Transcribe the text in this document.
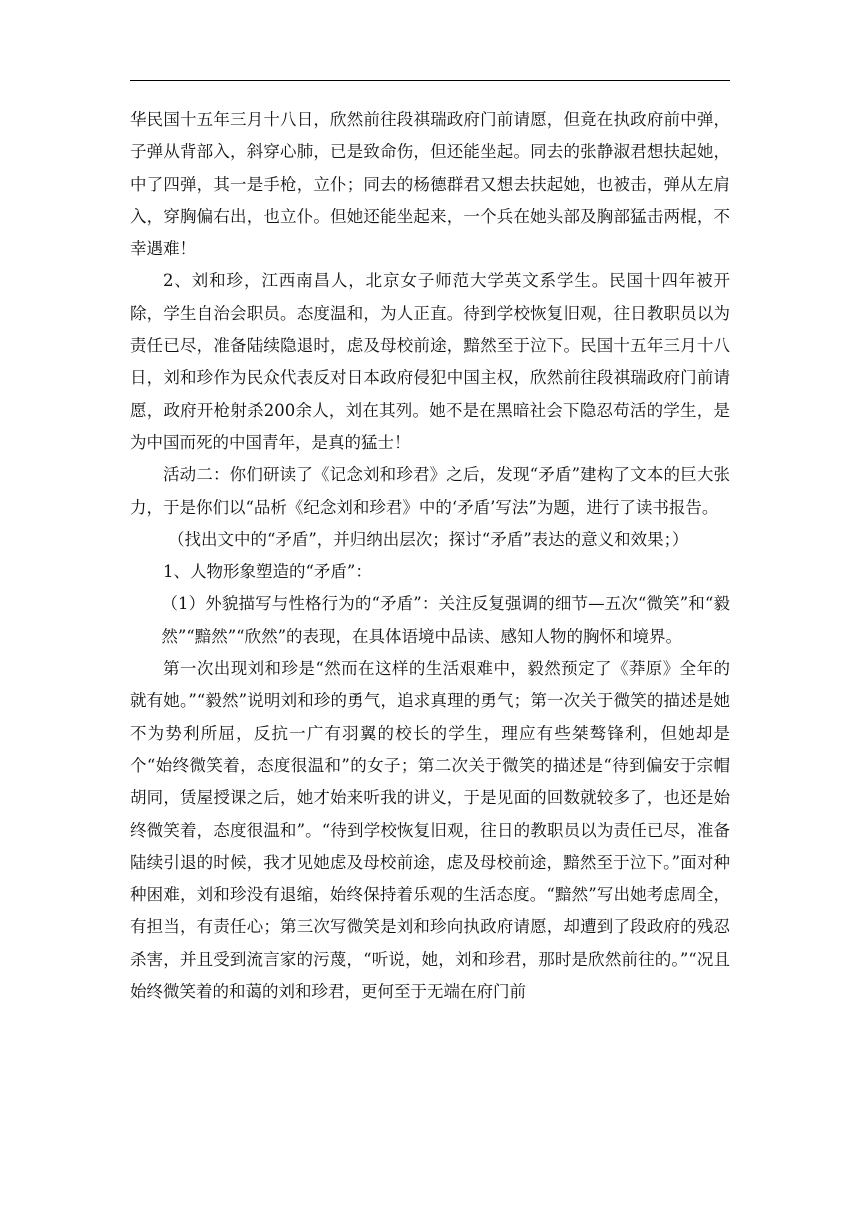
华民国十五年三月十八日，欣然前往段祺瑞政府门前请愿，但竟在执政府前中弹，子弹从背部入，斜穿心肺，已是致命伤，但还能坐起。同去的张静淑君想扶起她，中了四弹，其一是手枪，立仆；同去的杨德群君又想去扶起她，也被击，弹从左肩入，穿胸偏右出，也立仆。但她还能坐起来，一个兵在她头部及胸部猛击两棍，不幸遇难！

2、刘和珍，江西南昌人，北京女子师范大学英文系学生。民国十四年被开除，学生自治会职员。态度温和，为人正直。待到学校恢复旧观，往日教职员以为责任已尽，准备陆续隐退时，虑及母校前途，黯然至于泣下。民国十五年三月十八日，刘和珍作为民众代表反对日本政府侵犯中国主权，欣然前往段祺瑞政府门前请愿，政府开枪射杀200余人，刘在其列。她不是在黑暗社会下隐忍苟活的学生，是为中国而死的中国青年，是真的猛士！

活动二：你们研读了《记念刘和珍君》之后，发现“矛盾”建构了文本的巨大张力，于是你们以“品析《纪念刘和珍君》中的‘矛盾’写法”为题，进行了读书报告。

（找出文中的“矛盾”，并归纳出层次；探讨“矛盾”表达的意义和效果；）

1、人物形象塑造的“矛盾”：

（1）外貌描写与性格行为的“矛盾”：关注反复强调的细节—五次“微笑”和“毅然”“黯然”“欣然”的表现，在具体语境中品读、感知人物的胸怀和境界。

第一次出现刘和珍是“然而在这样的生活艰难中，毅然预定了《莽原》全年的就有她。”“毅然”说明刘和珍的勇气，追求真理的勇气；第一次关于微笑的描述是她不为势利所屈，反抗一广有羽翼的校长的学生，理应有些桀骜锋利，但她却是个“始终微笑着，态度很温和”的女子；第二次关于微笑的描述是“待到偏安于宗帽胡同，赁屋授课之后，她才始来听我的讲义，于是见面的回数就较多了，也还是始终微笑着，态度很温和”。“待到学校恢复旧观，往日的教职员以为责任已尽，准备陆续引退的时候，我才见她虑及母校前途，虑及母校前途，黯然至于泣下。”面对种种困难，刘和珍没有退缩，始终保持着乐观的生活态度。“黯然”写出她考虑周全，有担当，有责任心；第三次写微笑是刘和珍向执政府请愿，却遭到了段政府的残忍杀害，并且受到流言家的污蔑，“听说，她，刘和珍君，那时是欣然前往的。”“况且始终微笑着的和蔼的刘和珍君，更何至于无端在府门前
